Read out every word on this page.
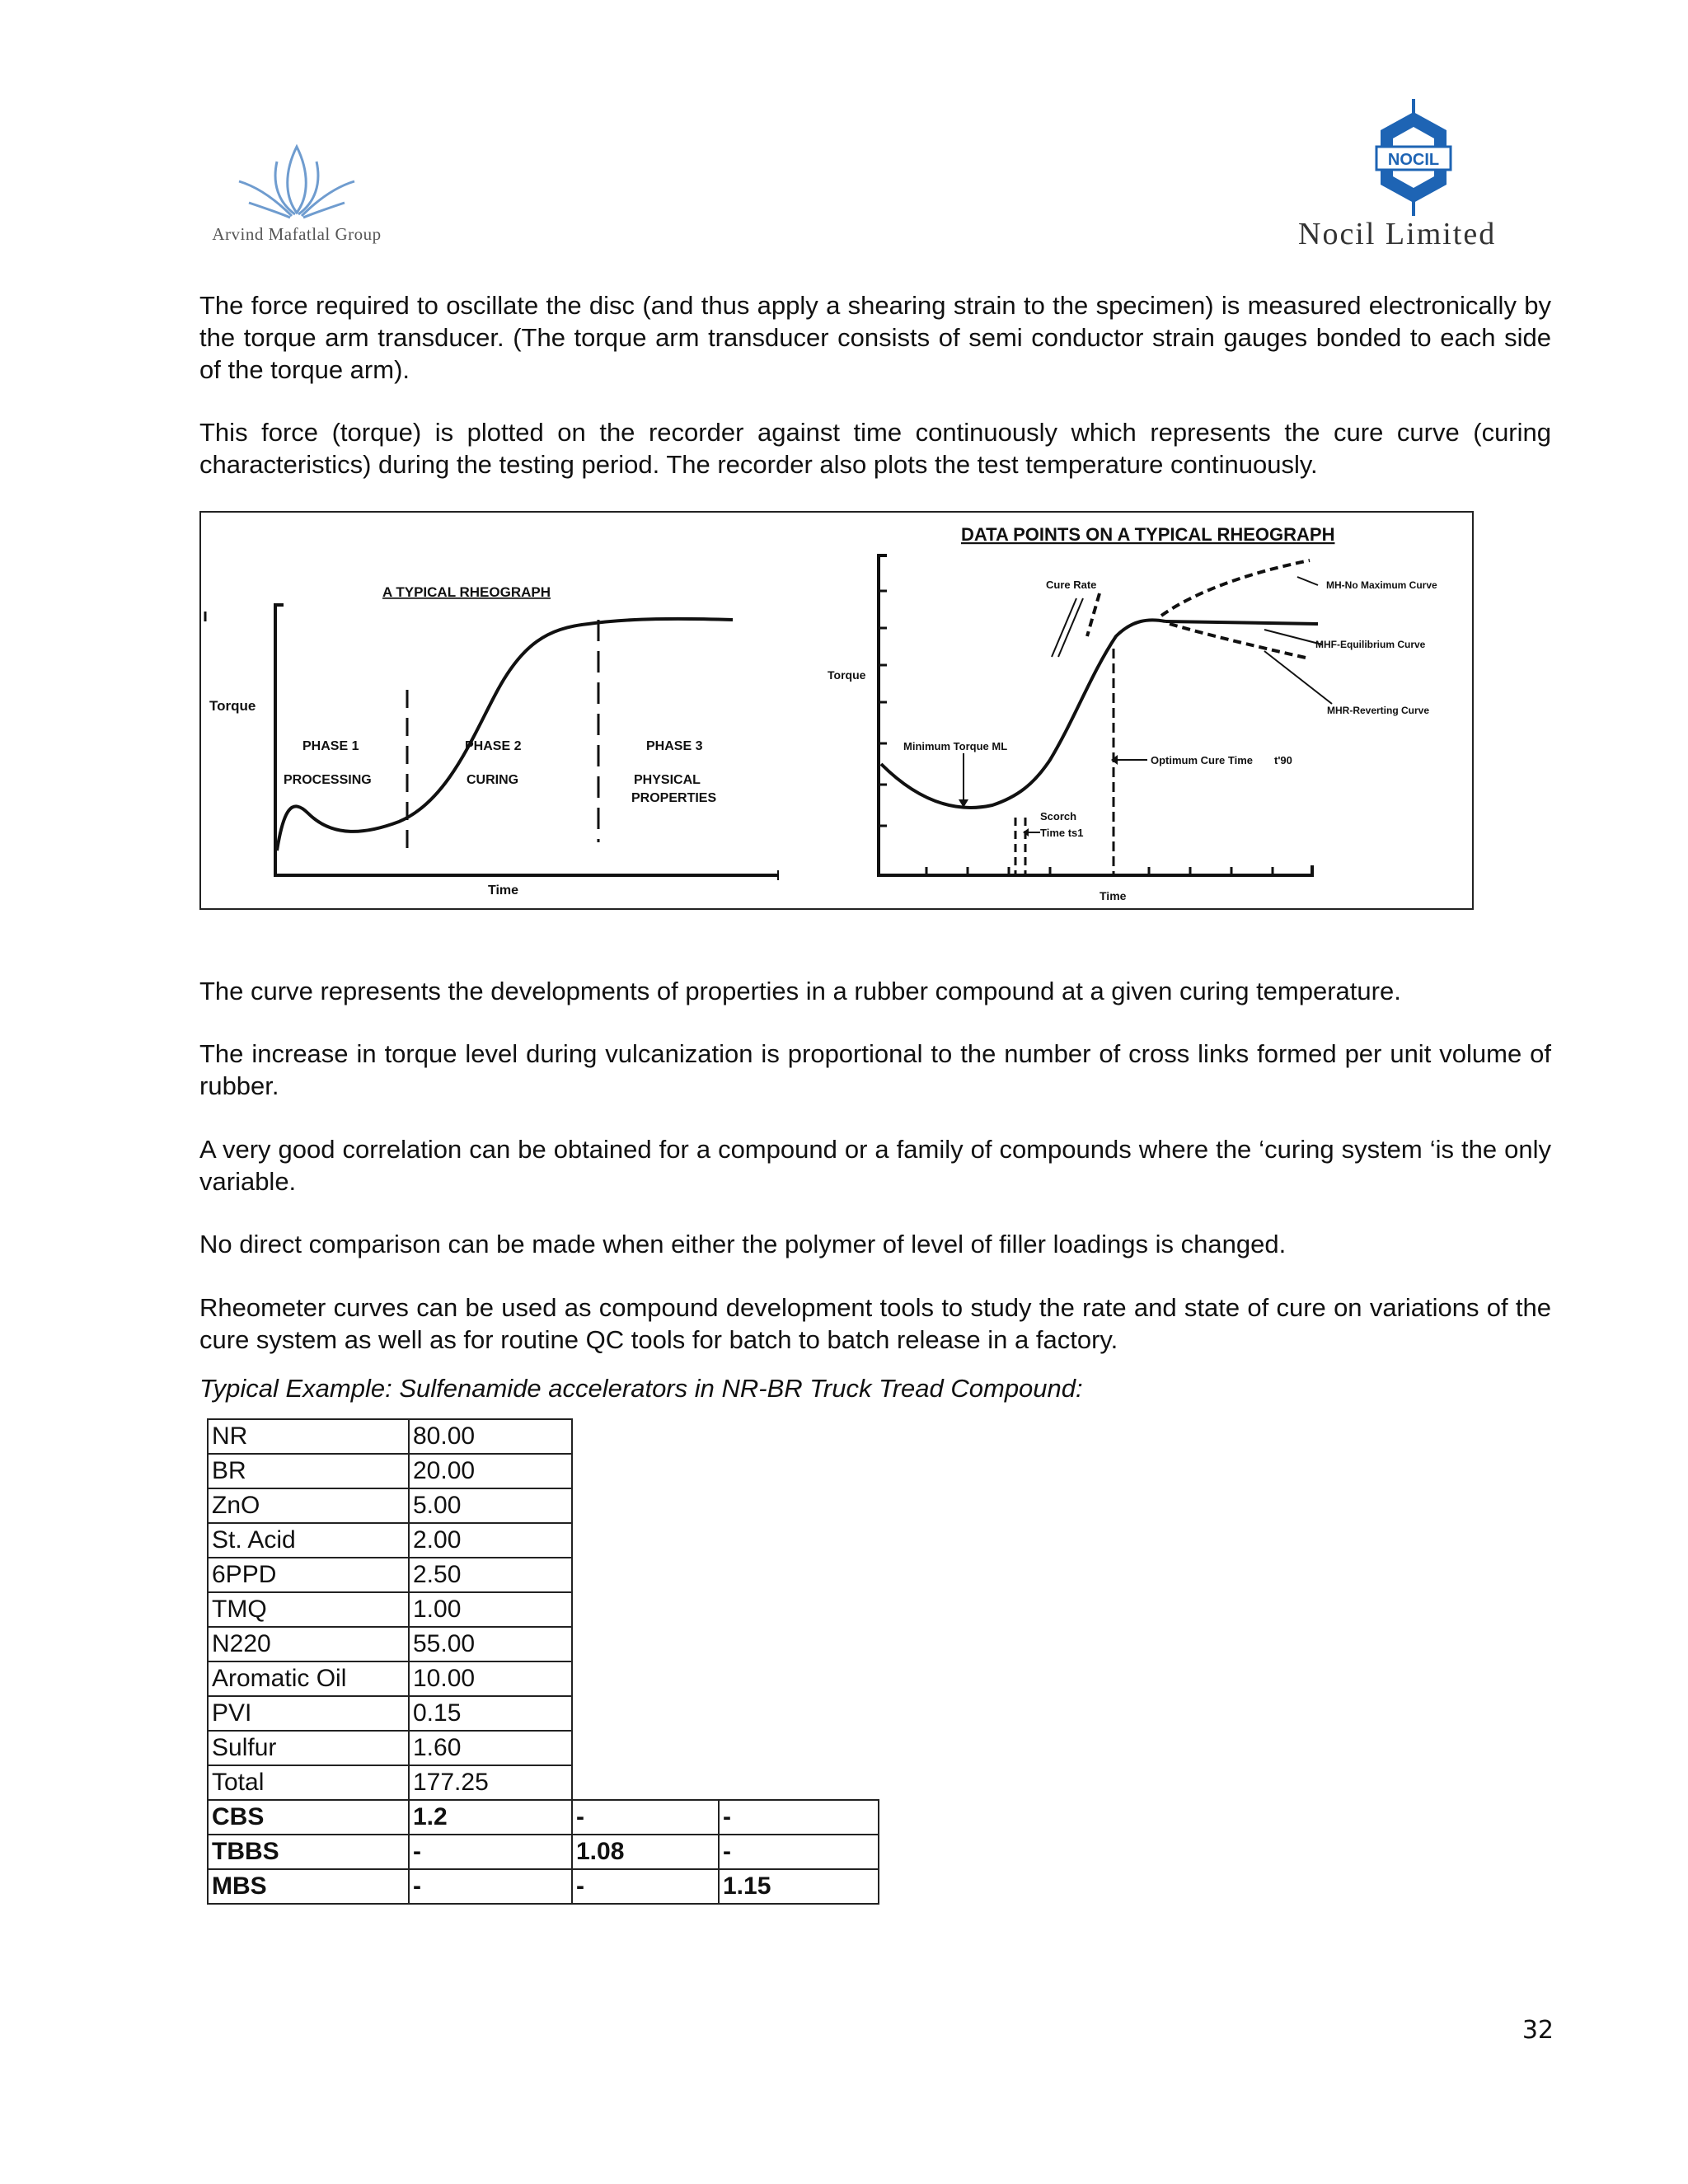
Arvind Mafatlal Group
NOCIL
Nocil Limited
The force required to oscillate the disc (and thus apply a shearing strain to the specimen) is measured electronically by the torque arm transducer. (The torque arm transducer consists of semi conductor strain gauges bonded to each side of the torque arm).
This force (torque) is plotted on the recorder against time continuously which represents the cure curve (curing characteristics) during the testing period. The recorder also plots the test temperature continuously.
A TYPICAL RHEOGRAPH
Torque
Time
PHASE 1
PROCESSING
PHASE 2
CURING
PHASE 3
PHYSICAL
PROPERTIES
DATA POINTS ON A TYPICAL RHEOGRAPH
Torque
Time
Cure Rate	MH-No Maximum Curve
MHF-Equilibrium Curve
MHR-Reverting Curve
Minimum Torque ML
Optimum Cure Time t'90
Scorch
Time ts1
The curve represents the developments of properties in a rubber compound at a given curing temperature.
The increase in torque level during vulcanization is proportional to the number of cross links formed per unit volume of rubber.
A very good correlation can be obtained for a compound or a family of compounds where the ‘curing system ‘is the only variable.
No direct comparison can be made when either the polymer of level of filler loadings is changed.
Rheometer curves can be used as compound development tools to study the rate and state of cure on variations of the cure system as well as for routine QC tools for batch to batch release in a factory.
Typical Example: Sulfenamide accelerators in NR-BR Truck Tread Compound:
NR	80.00		
BR	20.00		
ZnO	5.00		
St. Acid	2.00		
6PPD	2.50		
TMQ	1.00		
N220	55.00		
Aromatic Oil	10.00		
PVI	0.15		
Sulfur	1.60		
Total	177.25		
CBS	1.2	-	-
TBBS	-	1.08	-
MBS	-	-	1.15
32
